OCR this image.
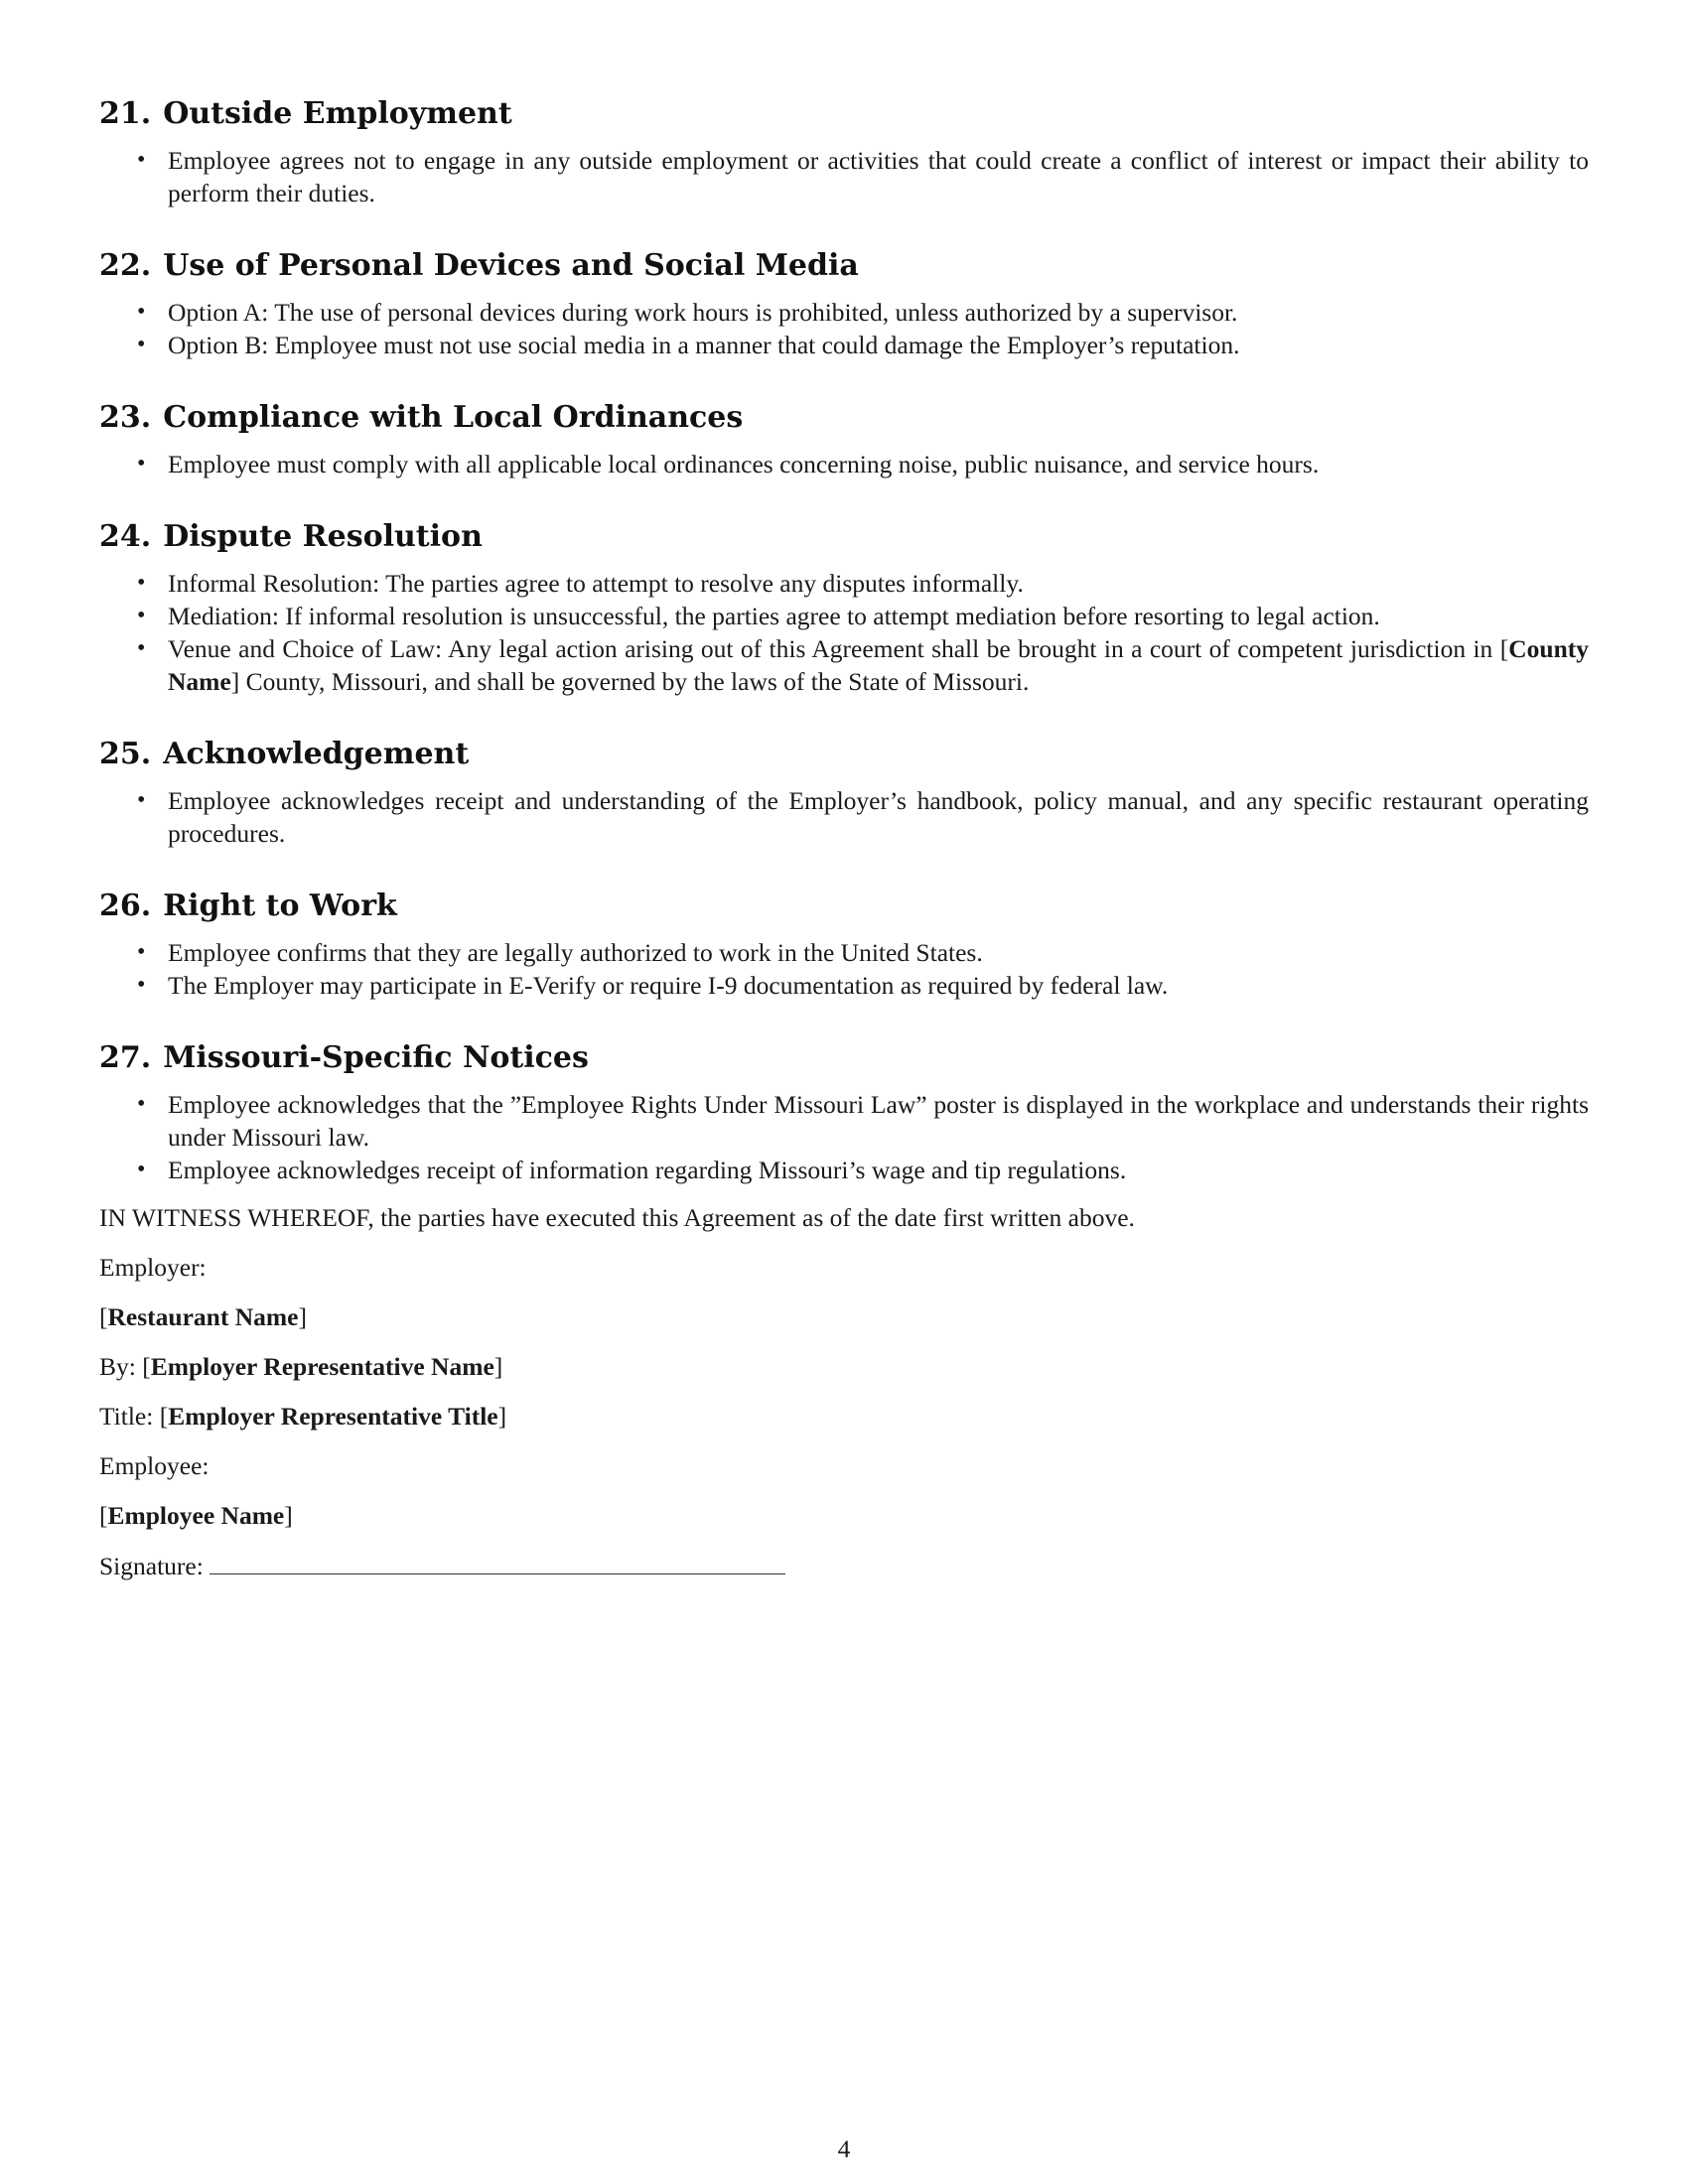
21. Outside Employment
• Employee agrees not to engage in any outside employment or activities that could create a conflict of interest or impact their ability to perform their duties.
22. Use of Personal Devices and Social Media
• Option A: The use of personal devices during work hours is prohibited, unless authorized by a supervisor.
• Option B: Employee must not use social media in a manner that could damage the Employer’s reputation.
23. Compliance with Local Ordinances
• Employee must comply with all applicable local ordinances concerning noise, public nuisance, and service hours.
24. Dispute Resolution
• Informal Resolution: The parties agree to attempt to resolve any disputes informally.
• Mediation: If informal resolution is unsuccessful, the parties agree to attempt mediation before resorting to legal action.
• Venue and Choice of Law: Any legal action arising out of this Agreement shall be brought in a court of competent jurisdiction in [County Name] County, Missouri, and shall be governed by the laws of the State of Missouri.
25. Acknowledgement
• Employee acknowledges receipt and understanding of the Employer’s handbook, policy manual, and any specific restaurant operating procedures.
26. Right to Work
• Employee confirms that they are legally authorized to work in the United States.
• The Employer may participate in E-Verify or require I-9 documentation as required by federal law.
27. Missouri-Specific Notices
• Employee acknowledges that the ”Employee Rights Under Missouri Law” poster is displayed in the workplace and understands their rights under Missouri law.
• Employee acknowledges receipt of information regarding Missouri’s wage and tip regulations.
IN WITNESS WHEREOF, the parties have executed this Agreement as of the date first written above.
Employer:
[Restaurant Name]
By: [Employer Representative Name]
Title: [Employer Representative Title]
Employee:
[Employee Name]
Signature:
4
